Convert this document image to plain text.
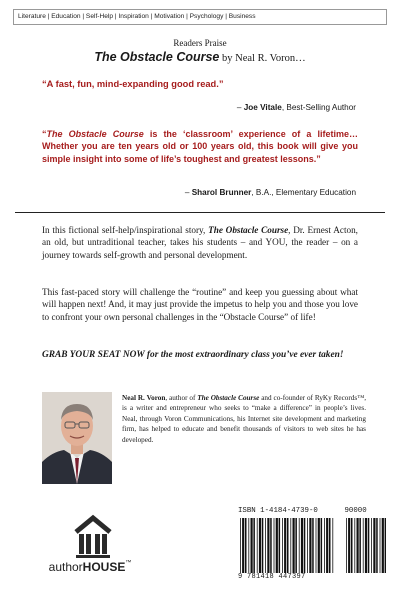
Literature | Education | Self-Help | Inspiration | Motivation | Psychology | Business
Readers Praise
The Obstacle Course by Neal R. Voron…
“A fast, fun, mind-expanding good read.”
– Joe Vitale, Best-Selling Author
“The Obstacle Course is the ‘classroom’ experience of a lifetime… Whether you are ten years old or 100 years old, this book will give you simple insight into some of life’s toughest and greatest lessons.”
– Sharol Brunner, B.A., Elementary Education
In this fictional self-help/inspirational story, The Obstacle Course, Dr. Ernest Acton, an old, but untraditional teacher, takes his students – and YOU, the reader – on a journey towards self-growth and personal development.
This fast-paced story will challenge the “routine” and keep you guessing about what will happen next! And, it may just provide the impetus to help you and those you love to confront your own personal challenges in the “Obstacle Course” of life!
GRAB YOUR SEAT NOW for the most extraordinary class you’ve ever taken!
Neal R. Voron, author of The Obstacle Course and co-founder of RyKy Records™, is a writer and entrepreneur who seeks to “make a difference” in people’s lives. Neal, through Voron Communications, his Internet site development and marketing firm, has helped to educate and benefit thousands of visitors to web sites he has developed.
authorHOUSE™
ISBN 1-4184-4739-0	90000
9 781418 447397
